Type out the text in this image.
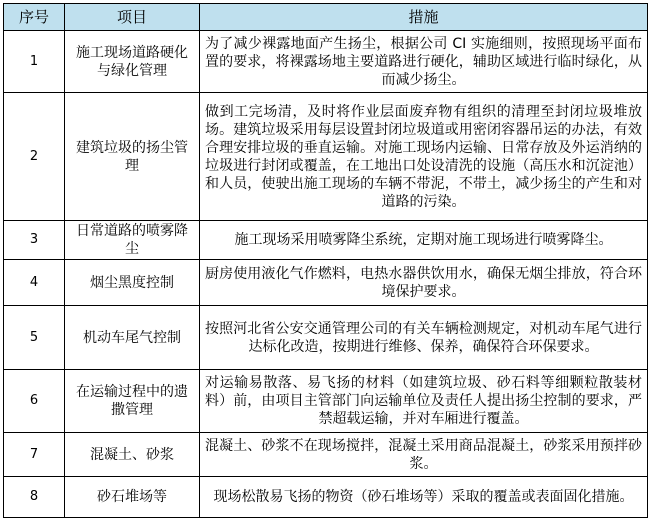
序号	项目	措施
1	施工现场道路硬化与绿化管理	为了减少裸露地面产生扬尘，根据公司 CI 实施细则，按照现场平面布置的要求，将裸露场地主要道路进行硬化，辅助区域进行临时绿化，从而减少扬尘。
2	建筑垃圾的扬尘管理	做到工完场清，及时将作业层面废弃物有组织的清理至封闭垃圾堆放场。建筑垃圾采用每层设置封闭垃圾道或用密闭容器吊运的办法，有效合理安排垃圾的垂直运输。对施工现场内运输、日常存放及外运消纳的垃圾进行封闭或覆盖，在工地出口处设清洗的设施（高压水和沉淀池）和人员，使驶出施工现场的车辆不带泥，不带土，减少扬尘的产生和对道路的污染。
3	日常道路的喷雾降尘	施工现场采用喷雾降尘系统，定期对施工现场进行喷雾降尘。
4	烟尘黑度控制	厨房使用液化气作燃料，电热水器供饮用水，确保无烟尘排放，符合环境保护要求。
5	机动车尾气控制	按照河北省公安交通管理公司的有关车辆检测规定，对机动车尾气进行达标化改造，按期进行维修、保养，确保符合环保要求。
6	在运输过程中的遗撒管理	对运输易散落、易飞扬的材料（如建筑垃圾、砂石料等细颗粒散装材料）前，由项目主管部门向运输单位及责任人提出扬尘控制的要求，严禁超载运输，并对车厢进行覆盖。
7	混凝土、砂浆	混凝土、砂浆不在现场搅拌，混凝土采用商品混凝土，砂浆采用预拌砂浆。
8	砂石堆场等	现场松散易飞扬的物资（砂石堆场等）采取的覆盖或表面固化措施。
